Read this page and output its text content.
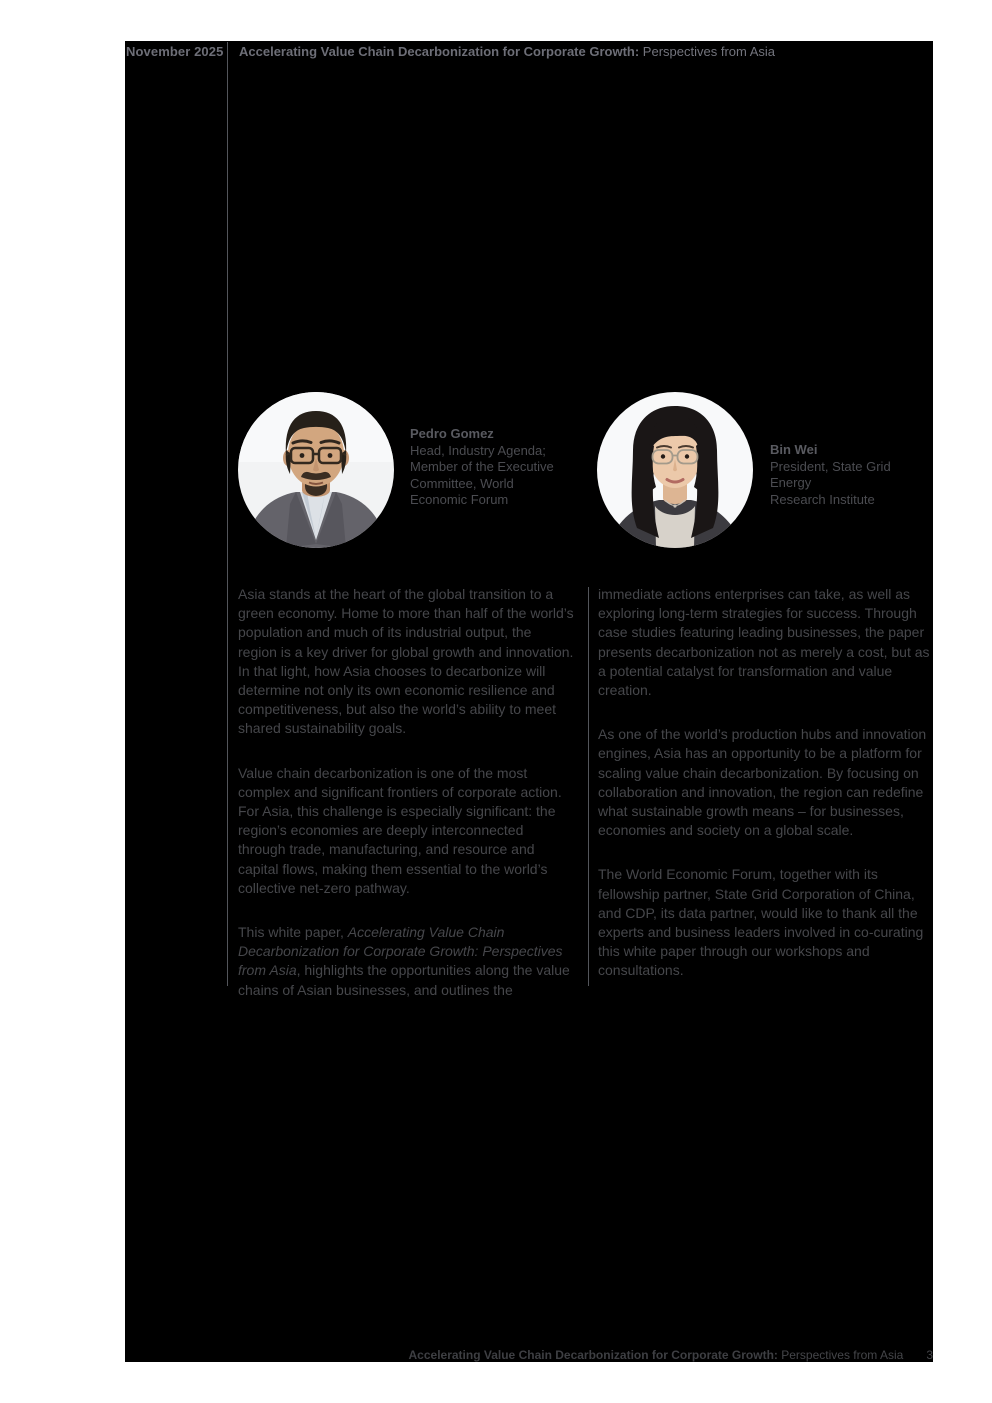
November 2025 Accelerating Value Chain Decarbonization for Corporate Growth: Perspectives from Asia
Pedro Gomez
Head, Industry Agenda;
Member of the Executive
Committee, World
Economic Forum
Bin Wei
President, State Grid Energy
Research Institute

Asia stands at the heart of the global transition to a green economy. Home to more than half of the world’s population and much of its industrial output, the region is a key driver for global growth and innovation. In that light, how Asia chooses to decarbonize will determine not only its own economic resilience and competitiveness, but also the world’s ability to meet shared sustainability goals.

Value chain decarbonization is one of the most complex and significant frontiers of corporate action. For Asia, this challenge is especially significant: the region’s economies are deeply interconnected through trade, manufacturing, and resource and capital flows, making them essential to the world’s collective net-zero pathway.

This white paper, Accelerating Value Chain Decarbonization for Corporate Growth: Perspectives from Asia, highlights the opportunities along the value chains of Asian businesses, and outlines the

immediate actions enterprises can take, as well as exploring long-term strategies for success. Through case studies featuring leading businesses, the paper presents decarbonization not as merely a cost, but as a potential catalyst for transformation and value creation.

As one of the world’s production hubs and innovation engines, Asia has an opportunity to be a platform for scaling value chain decarbonization. By focusing on collaboration and innovation, the region can redefine what sustainable growth means – for businesses, economies and society on a global scale.

The World Economic Forum, together with its fellowship partner, State Grid Corporation of China, and CDP, its data partner, would like to thank all the experts and business leaders involved in co-curating this white paper through our workshops and consultations.

Accelerating Value Chain Decarbonization for Corporate Growth: Perspectives from Asia 3
